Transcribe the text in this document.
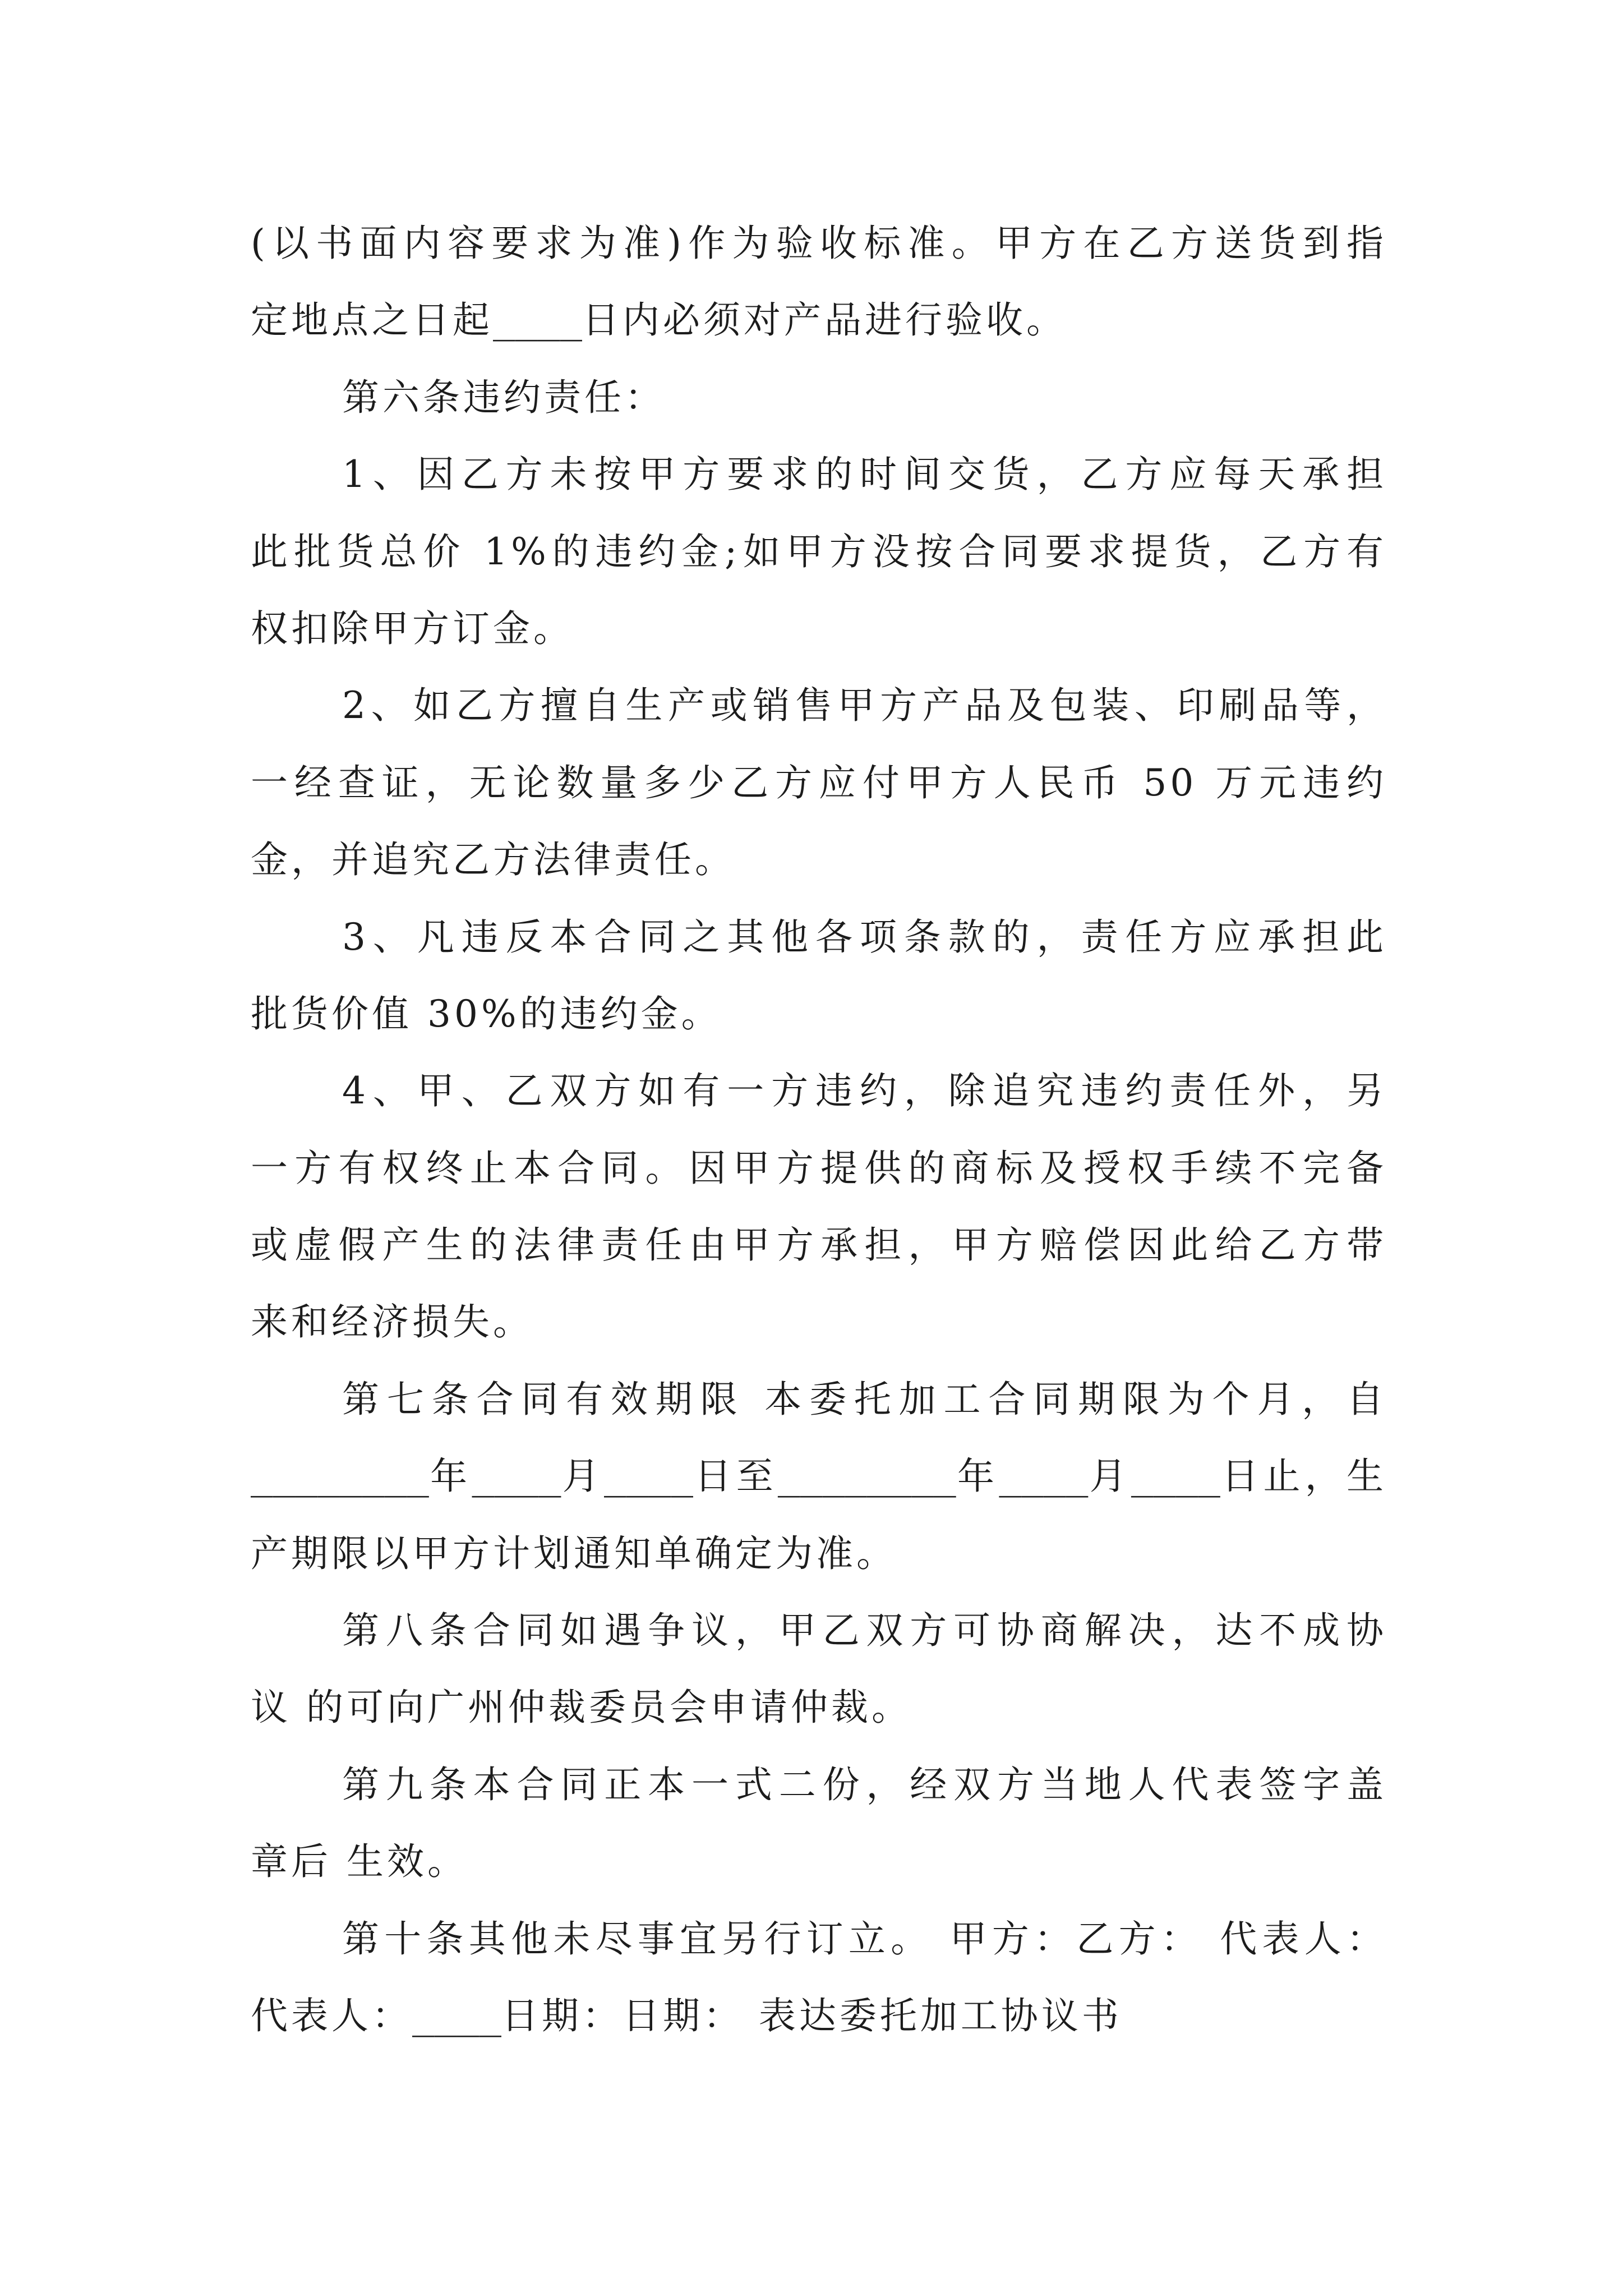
(以书面内容要求为准)作为验收标准。甲方在乙方送货到指
定地点之日起____日内必须对产品进行验收。
第六条违约责任：
1、因乙方未按甲方要求的时间交货，乙方应每天承担
此批货总价 1%的违约金;如甲方没按合同要求提货，乙方有
权扣除甲方订金。
2、如乙方擅自生产或销售甲方产品及包装、印刷品等，
一经查证，无论数量多少乙方应付甲方人民币 50 万元违约
金，并追究乙方法律责任。
3、凡违反本合同之其他各项条款的，责任方应承担此
批货价值 30%的违约金。
4、甲、乙双方如有一方违约，除追究违约责任外，另
一方有权终止本合同。因甲方提供的商标及授权手续不完备
或虚假产生的法律责任由甲方承担，甲方赔偿因此给乙方带
来和经济损失。
第七条合同有效期限 本委托加工合同期限为个月，自
________年____月____日至________年____月____日止，生
产期限以甲方计划通知单确定为准。
第八条合同如遇争议，甲乙双方可协商解决，达不成协
议 的可向广州仲裁委员会申请仲裁。
第九条本合同正本一式二份，经双方当地人代表签字盖
章后 生效。
第十条其他未尽事宜另行订立。 甲方：乙方： 代表人：
代表人：____日期：日期： 表达委托加工协议书
